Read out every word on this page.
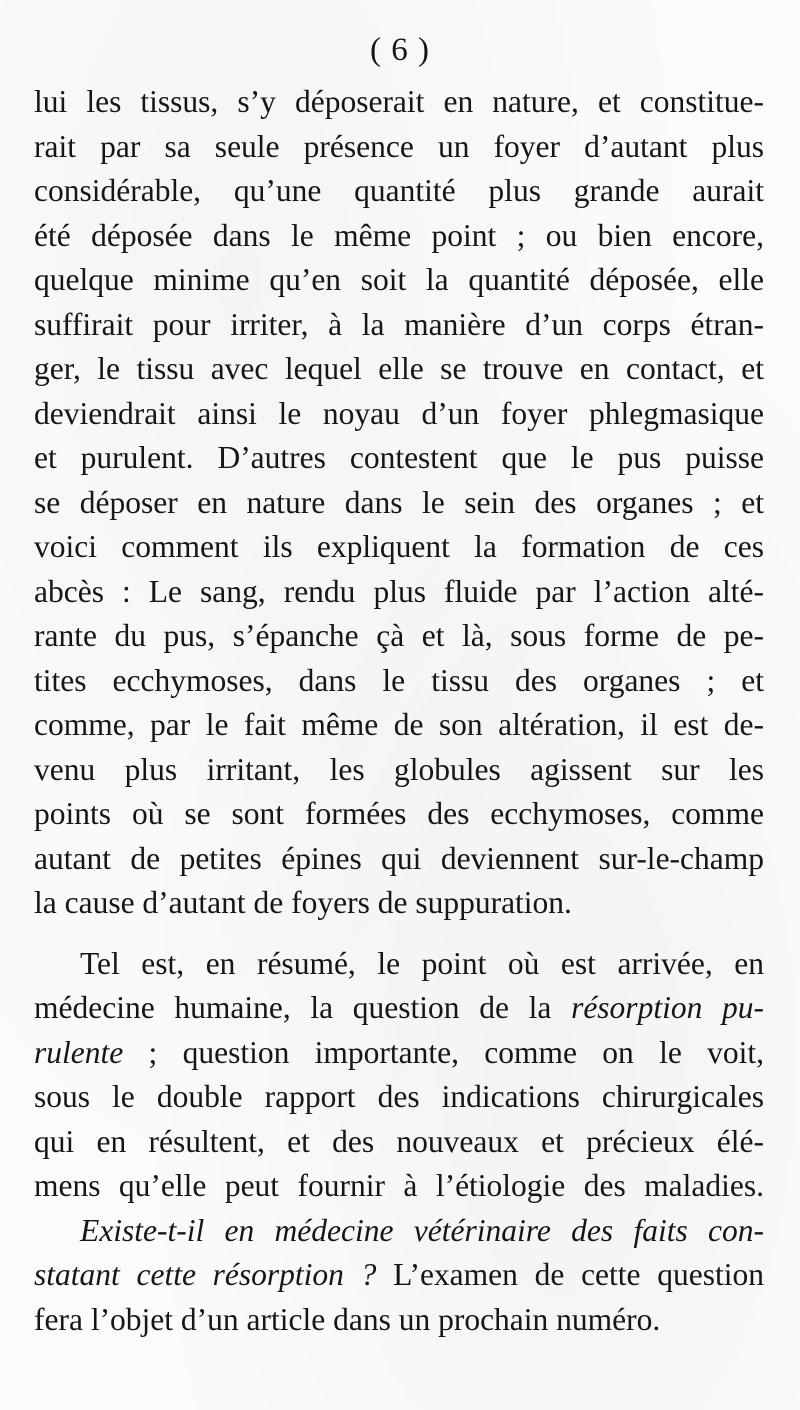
( 6 )
lui les tissus, s’y déposerait en nature, et constitue-
rait par sa seule présence un foyer d’autant plus
considérable, qu’une quantité plus grande aurait
été déposée dans le même point ; ou bien encore,
quelque minime qu’en soit la quantité déposée, elle
suffirait pour irriter, à la manière d’un corps étran-
ger, le tissu avec lequel elle se trouve en contact, et
deviendrait ainsi le noyau d’un foyer phlegmasique
et purulent. D’autres contestent que le pus puisse
se déposer en nature dans le sein des organes ; et
voici comment ils expliquent la formation de ces
abcès : Le sang, rendu plus fluide par l’action alté-
rante du pus, s’épanche çà et là, sous forme de pe-
tites ecchymoses, dans le tissu des organes ; et
comme, par le fait même de son altération, il est de-
venu plus irritant, les globules agissent sur les
points où se sont formées des ecchymoses, comme
autant de petites épines qui deviennent sur-le-champ
la cause d’autant de foyers de suppuration.
Tel est, en résumé, le point où est arrivée, en
médecine humaine, la question de la résorption pu-
rulente ; question importante, comme on le voit,
sous le double rapport des indications chirurgicales
qui en résultent, et des nouveaux et précieux élé-
mens qu’elle peut fournir à l’étiologie des maladies.
Existe-t-il en médecine vétérinaire des faits con-
statant cette résorption ? L’examen de cette question
fera l’objet d’un article dans un prochain numéro.
